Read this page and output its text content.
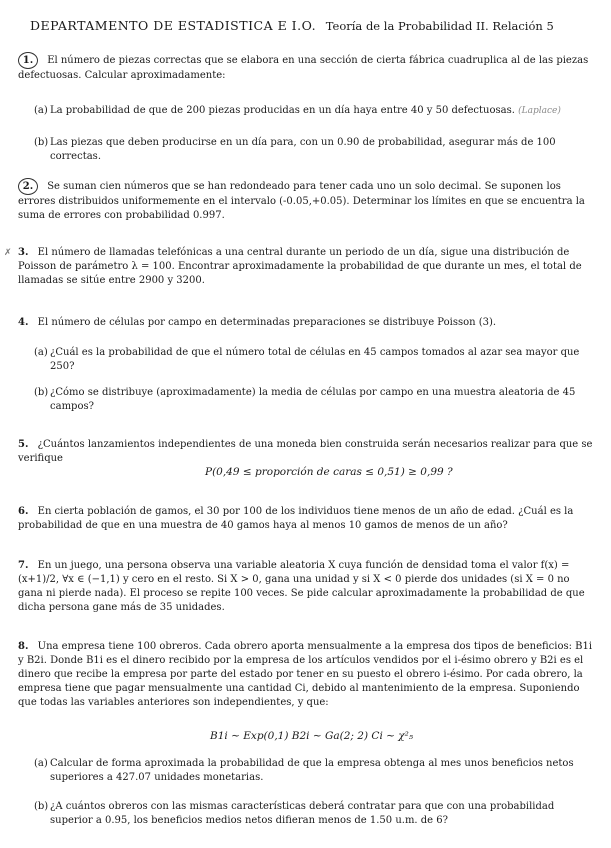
DEPARTAMENTO DE ESTADISTICA E I.O. Teoría de la Probabilidad II. Relación 5
1. El número de piezas correctas que se elabora en una sección de cierta fábrica cuadruplica al de las piezas defectuosas. Calcular aproximadamente:
(a) La probabilidad de que de 200 piezas producidas en un día haya entre 40 y 50 defectuosas. (Laplace)
(b) Las piezas que deben producirse en un día para, con un 0.90 de probabilidad, asegurar más de 100 correctas.
2. Se suman cien números que se han redondeado para tener cada uno un solo decimal. Se suponen los errores distribuidos uniformemente en el intervalo (-0.05,+0.05). Determinar los límites en que se encuentra la suma de errores con probabilidad 0.997.
✗ 3. El número de llamadas telefónicas a una central durante un periodo de un día, sigue una distribución de Poisson de parámetro λ = 100. Encontrar aproximadamente la probabilidad de que durante un mes, el total de llamadas se sitúe entre 2900 y 3200.
4. El número de células por campo en determinadas preparaciones se distribuye Poisson (3).
(a) ¿Cuál es la probabilidad de que el número total de células en 45 campos tomados al azar sea mayor que 250?
(b) ¿Cómo se distribuye (aproximadamente) la media de células por campo en una muestra aleatoria de 45 campos?
5. ¿Cuántos lanzamientos independientes de una moneda bien construida serán necesarios realizar para que se verifique
P(0,49 ≤ proporción de caras ≤ 0,51) ≥ 0,99 ?
6. En cierta población de gamos, el 30 por 100 de los individuos tiene menos de un año de edad. ¿Cuál es la probabilidad de que en una muestra de 40 gamos haya al menos 10 gamos de menos de un año?
7. En un juego, una persona observa una variable aleatoria X cuya función de densidad toma el valor f(x) = (x+1)/2, ∀x ∈ (−1,1) y cero en el resto. Si X > 0, gana una unidad y si X < 0 pierde dos unidades (si X = 0 no gana ni pierde nada). El proceso se repite 100 veces. Se pide calcular aproximadamente la probabilidad de que dicha persona gane más de 35 unidades.
8. Una empresa tiene 100 obreros. Cada obrero aporta mensualmente a la empresa dos tipos de beneficios: B1i y B2i. Donde B1i es el dinero recibido por la empresa de los artículos vendidos por el i-ésimo obrero y B2i es el dinero que recibe la empresa por parte del estado por tener en su puesto el obrero i-ésimo. Por cada obrero, la empresa tiene que pagar mensualmente una cantidad Ci, debido al mantenimiento de la empresa. Suponiendo que todas las variables anteriores son independientes, y que:
B1i ∼ Exp(0,1) B2i ∼ Ga(2; 2) Ci ∼ χ²₅
(a) Calcular de forma aproximada la probabilidad de que la empresa obtenga al mes unos beneficios netos superiores a 427.07 unidades monetarias.
(b) ¿A cuántos obreros con las mismas características deberá contratar para que con una probabilidad superior a 0.95, los beneficios medios netos difieran menos de 1.50 u.m. de 6?
